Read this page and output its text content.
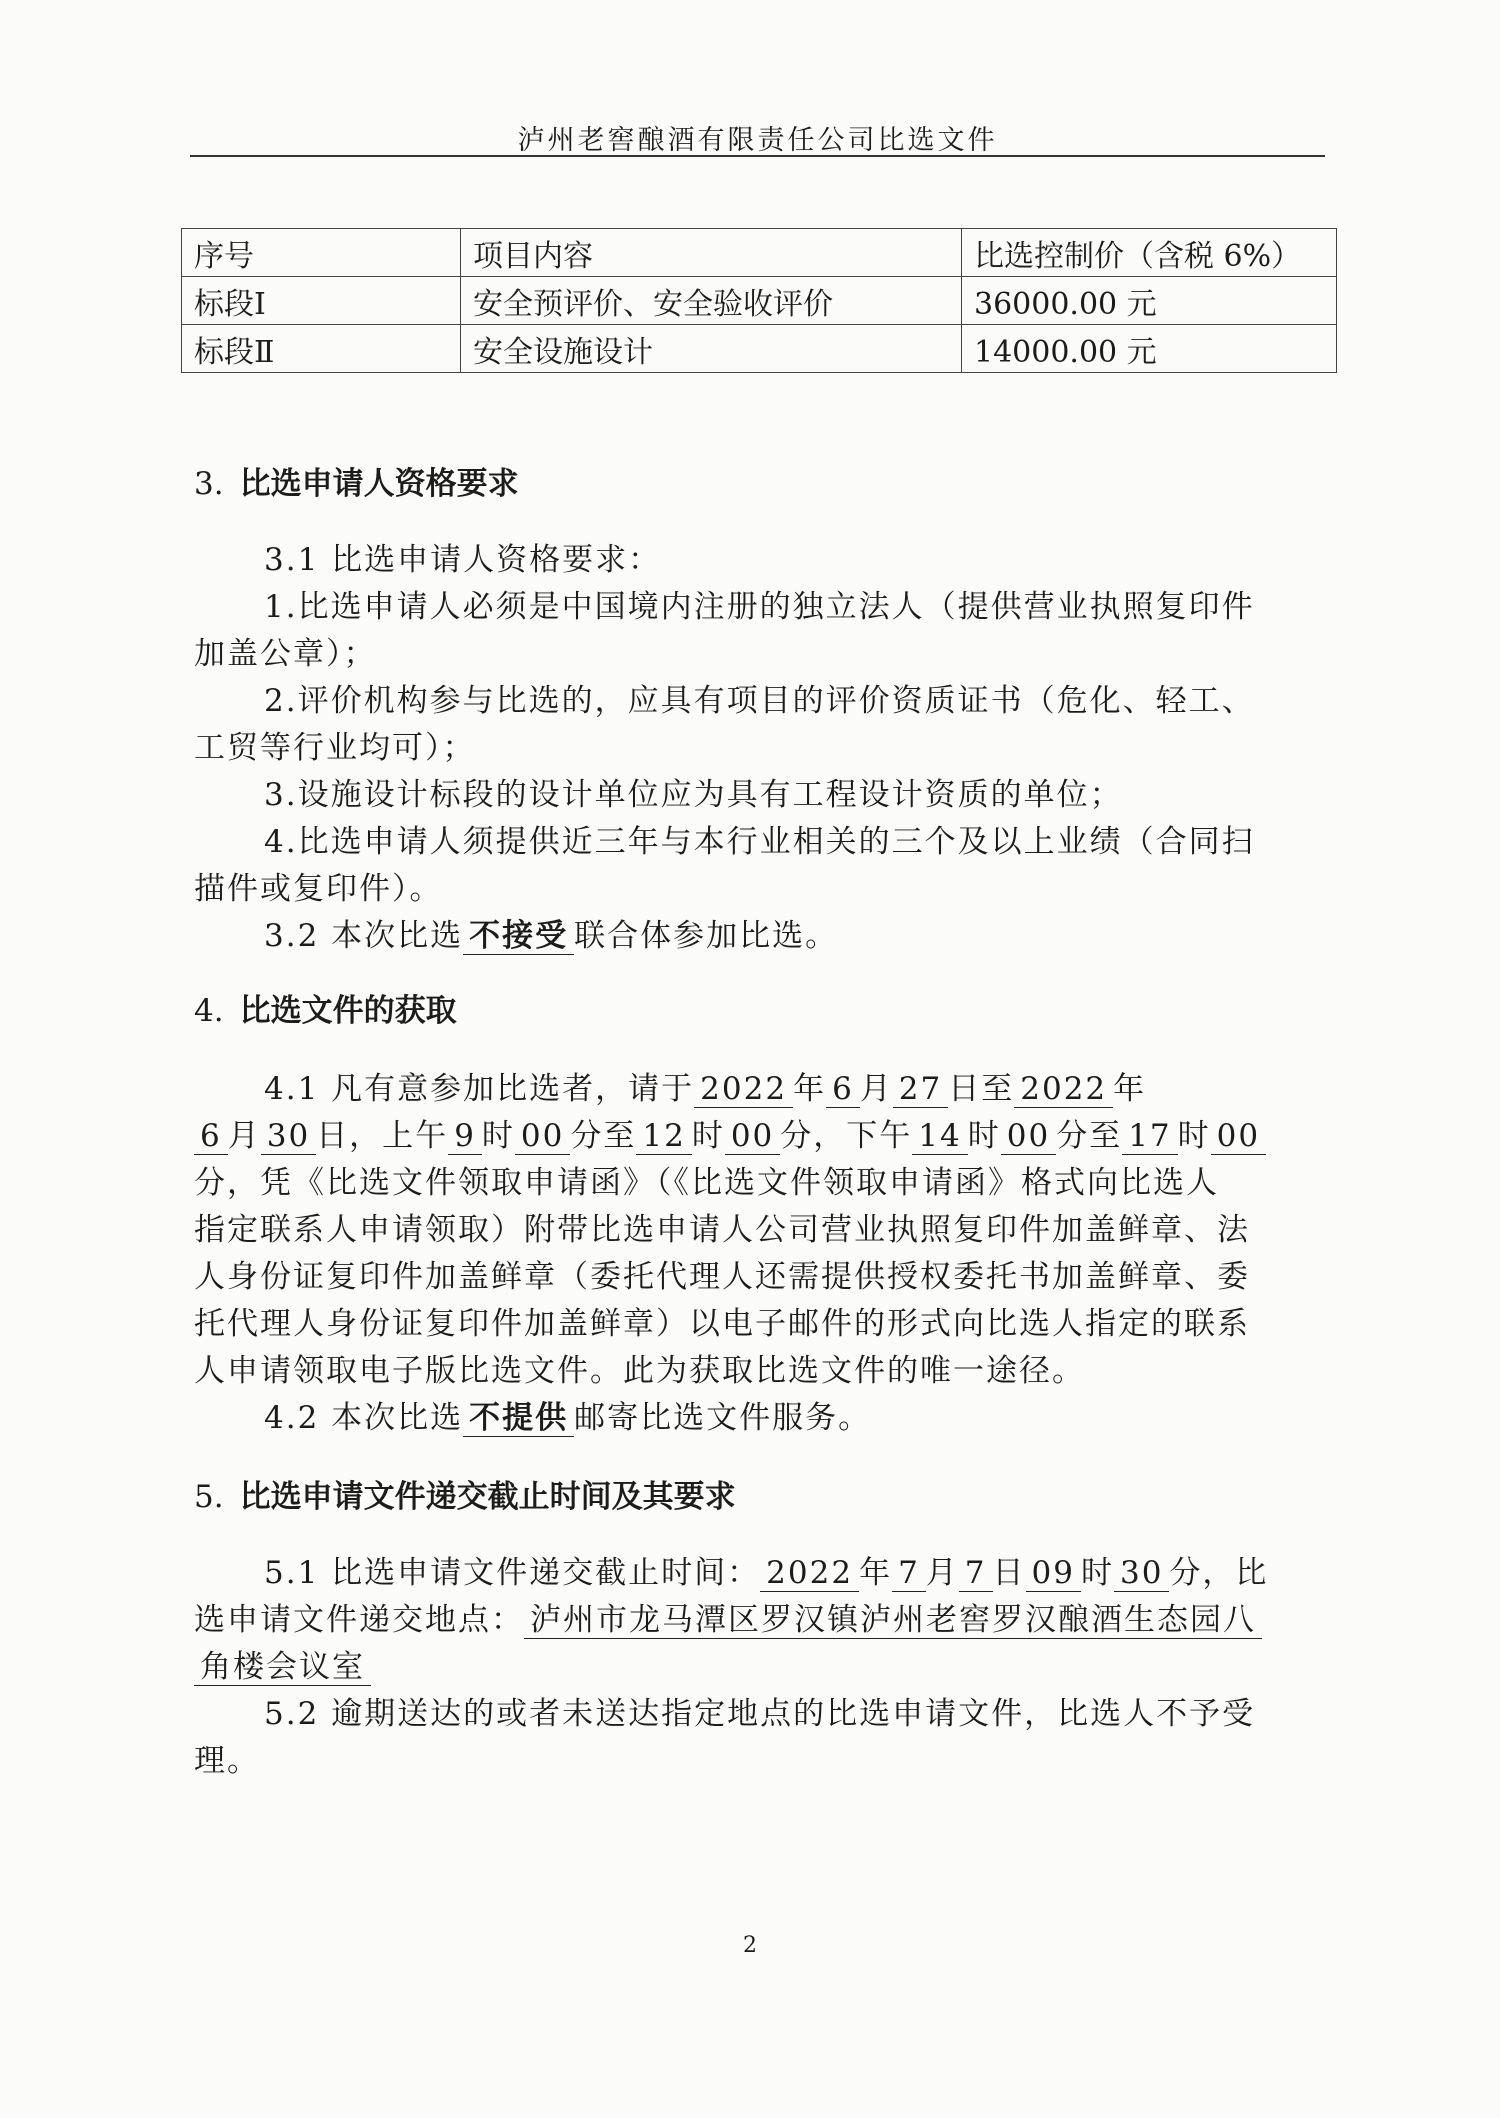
泸州老窖酿酒有限责任公司比选文件
序号	项目内容	比选控制价（含税 6%）
标段Ⅰ	安全预评价、安全验收评价	36000.00 元
标段Ⅱ	安全设施设计	14000.00 元
3. 比选申请人资格要求
3.1 比选申请人资格要求：
1.比选申请人必须是中国境内注册的独立法人（提供营业执照复印件
加盖公章）；
2.评价机构参与比选的，应具有项目的评价资质证书（危化、轻工、
工贸等行业均可）；
3.设施设计标段的设计单位应为具有工程设计资质的单位；
4.比选申请人须提供近三年与本行业相关的三个及以上业绩（合同扫
描件或复印件）。
3.2 本次比选 不接受 联合体参加比选。
4. 比选文件的获取
4.1 凡有意参加比选者，请于 2022 年 6 月 27 日至 2022 年
6 月 30 日，上午 9 时 00 分至 12 时 00 分，下午 14 时 00 分至 17 时 00
分，凭《比选文件领取申请函》（《比选文件领取申请函》格式向比选人
指定联系人申请领取）附带比选申请人公司营业执照复印件加盖鲜章、法
人身份证复印件加盖鲜章（委托代理人还需提供授权委托书加盖鲜章、委
托代理人身份证复印件加盖鲜章）以电子邮件的形式向比选人指定的联系
人申请领取电子版比选文件。此为获取比选文件的唯一途径。
4.2 本次比选 不提供 邮寄比选文件服务。
5. 比选申请文件递交截止时间及其要求
5.1 比选申请文件递交截止时间： 2022 年 7 月 7 日 09 时 30 分，比
选申请文件递交地点： 泸州市龙马潭区罗汉镇泸州老窖罗汉酿酒生态园八
角楼会议室
5.2 逾期送达的或者未送达指定地点的比选申请文件，比选人不予受
理。
2
